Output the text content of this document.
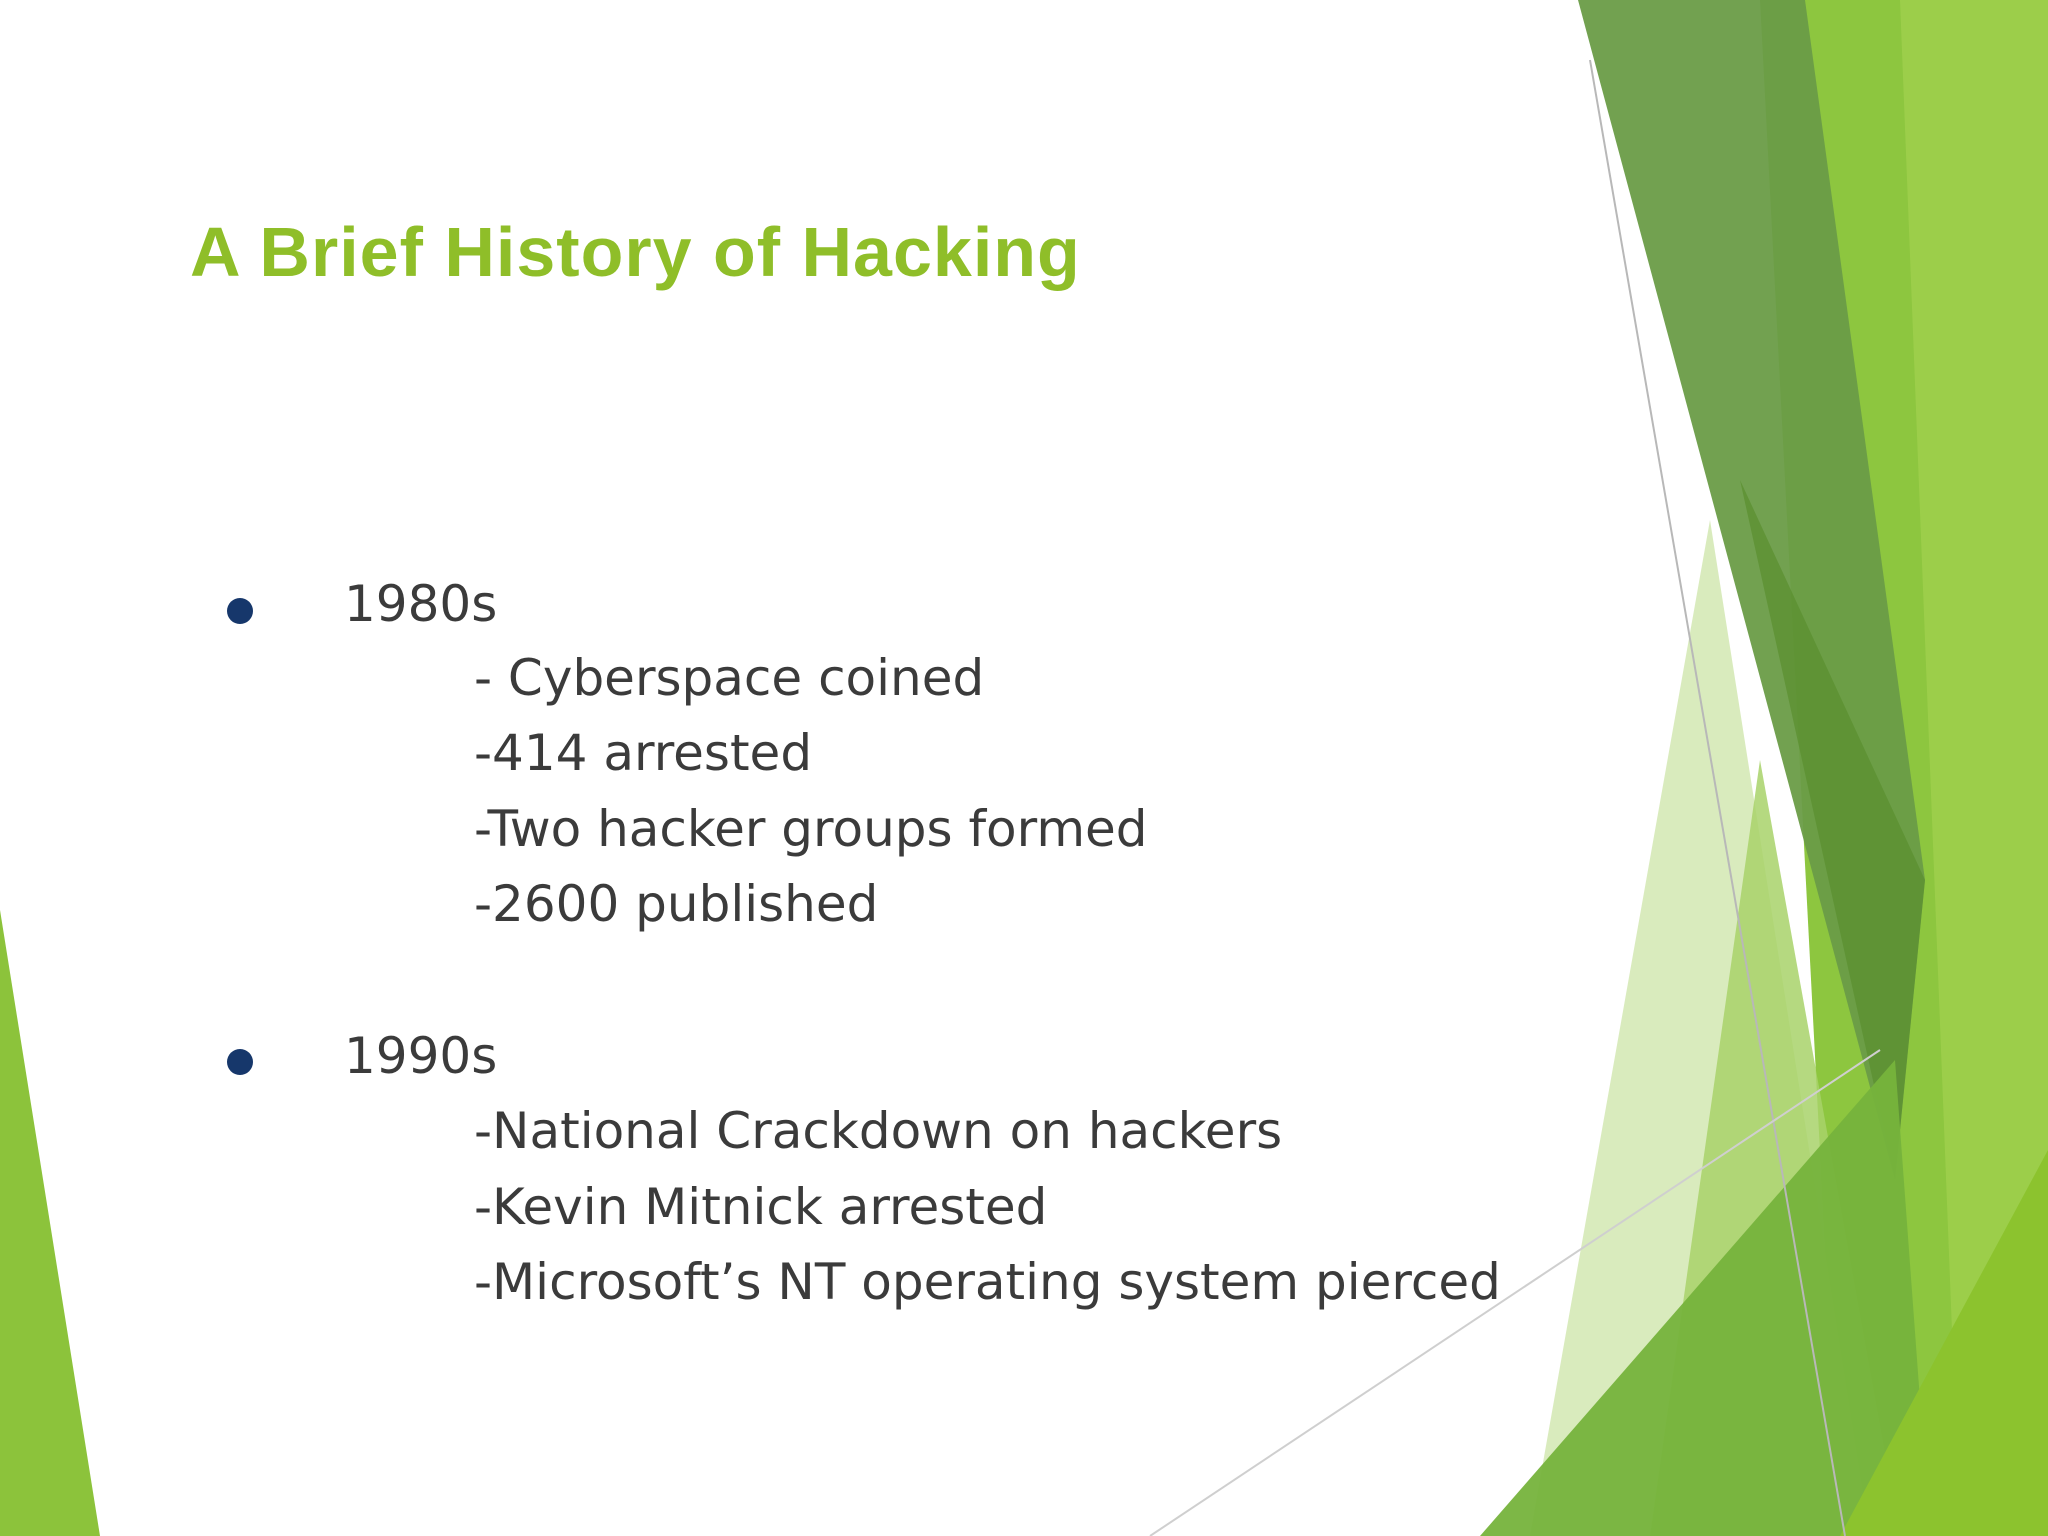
A Brief History of Hacking

1980s

- Cyberspace coined

-414 arrested

-Two hacker groups formed

-2600 published

1990s

-National Crackdown on hackers

-Kevin Mitnick arrested

-Microsoft’s NT operating system pierced
